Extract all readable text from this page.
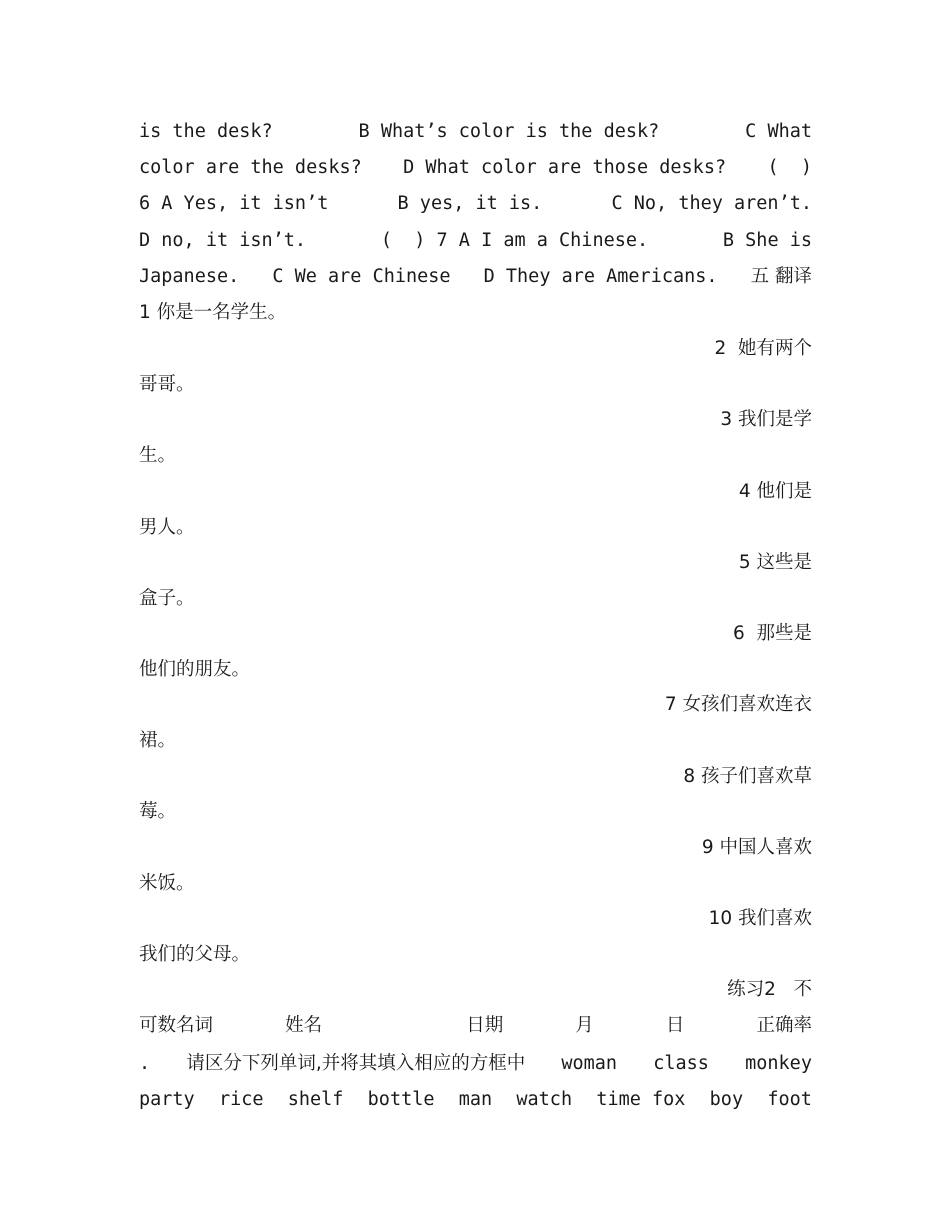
is the desk?	B What’s color is the desk?	C What
color are the desks? D What color are those desks? (  )
6 A Yes, it isn’t	B yes, it is.	C No, they aren’t.
D no, it isn’t.	(  ) 7 A I am a Chinese.	B She is
Japanese. C We are Chinese D They are Americans. 五 翻译
1 你是一名学生。
2  她有两个
哥哥。
3 我们是学
生。
4 他们是
男人。
5 这些是
盒子。
6  那些是
他们的朋友。
7 女孩们喜欢连衣
裙。
8 孩子们喜欢草
莓。
9 中国人喜欢
米饭。
10 我们喜欢
我们的父母。
练习2   不
可数名词	姓名	日期	月	日	正确率
. 请区分下列单词,并将其填入相应的方框中 woman class monkey
party rice shelf bottle man watch time fox boy foot
